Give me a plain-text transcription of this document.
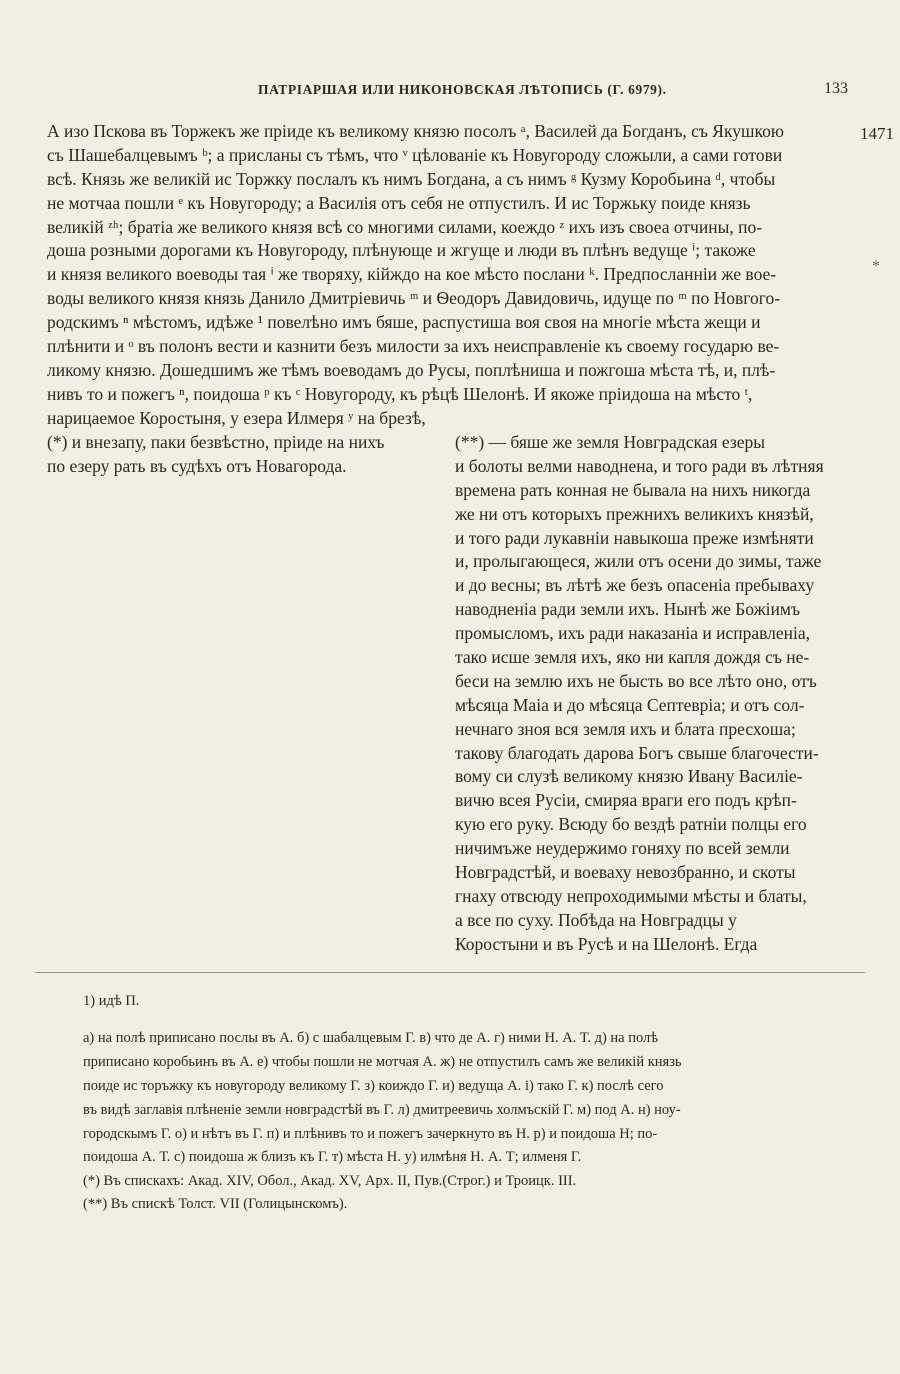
ПАТРІАРШАЯ ИЛИ НИКОНОВСКАЯ ЛѢТОПИСЬ (Г. 6979).	133
1471
*
А изо Пскова въ Торжекъ же пріиде къ великому князю посолъ ᵃ, Василей да Богданъ, съ Якушкою
съ Шашебалцевымъ ᵇ; а присланы съ тѣмъ, что ᵛ цѣлованіе къ Новугороду сложыли, а сами готови
всѣ. Князь же великій ис Торжку послалъ къ нимъ Богдана, а съ нимъ ᵍ Кузму Коробьина ᵈ, чтобы
не мотчаа пошли ᵉ къ Новугороду; а Василія отъ себя не отпустилъ. И ис Торжьку поиде князь
великій ᶻʰ; братіа же великого князя всѣ со многими силами, коеждо ᶻ ихъ изъ своеа отчины, по-
доша розными дорогами къ Новугороду, плѣнующе и жгуще и люди въ плѣнъ ведуще ⁱ; такоже
и князя великого воеводы тая ⁱ же творяху, кійждо на кое мѣсто послани ᵏ. Предпосланніи же вое-
воды великого князя князь Данило Дмитріевичь ᵐ и Ѳеодоръ Давидовичь, идуще по ᵐ по Новгого-
родскимъ ⁿ мѣстомъ, идѣже ¹ повелѣно имъ бяше, распустиша воя своя на многіе мѣста жещи и
плѣнити и ᵒ въ полонъ вести и казнити безъ милости за ихъ неисправленіе къ своему государю ве-
ликому князю. Дошедшимъ же тѣмъ воеводамъ до Русы, поплѣниша и пожгоша мѣста тѣ, и, плѣ-
нивъ то и пожегъ ⁿ, поидоша ᵖ къ ᶜ Новугороду, къ рѣцѣ Шелонѣ. И якоже пріидоша на мѣсто ᵗ,
нарицаемое Коростыня, у езера Илмеря ʸ на брезѣ,
(*) и внезапу, паки безвѣстно, пріиде на нихъ
по езеру рать въ судѣхъ отъ Новагорода.
(**) — бяше же земля Новградская езеры
и болоты велми наводнена, и того ради въ лѣтняя
времена рать конная не бывала на нихъ никогда
же ни отъ которыхъ прежнихъ великихъ князѣй,
и того ради лукавніи навыкоша преже измѣняти
и, пролыгающеся, жили отъ осени до зимы, таже
и до весны; въ лѣтѣ же безъ опасеніа пребываху
наводненіа ради земли ихъ. Нынѣ же Божіимъ
промысломъ, ихъ ради наказаніа и исправленіа,
тако исше земля ихъ, яко ни капля дождя съ не-
беси на землю ихъ не бысть во все лѣто оно, отъ
мѣсяца Маіа и до мѣсяца Септевріа; и отъ сол-
нечнаго зноя вся земля ихъ и блата пресхоша;
такову благодать дарова Богъ свыше благочести-
вому си слузѣ великому князю Ивану Василіе-
вичю всея Русіи, смиряа враги его подъ крѣп-
кую его руку. Всюду бо вездѣ ратніи полцы его
ничимъже неудержимо гоняху по всей земли
Новградстѣй, и воеваху невозбранно, и скоты
гнаху отвсюду непроходимыми мѣсты и блаты,
а все по суху. Побѣда на Новградцы у
Коростыни и въ Русѣ и на Шелонѣ. Егда
1) идѣ П.
а) на полѣ приписано послы въ А. б) с шабалцевым Г. в) что де А. г) ними Н. А. Т. д) на полѣ
приписано коробьинъ въ А. е) чтобы пошли не мотчая А. ж) не отпустилъ самъ же великій князь
поиде ис торъжку къ новугороду великому Г. з) коиждо Г. и) ведуща А. і) тако Г. к) послѣ сего
въ видѣ заглавія плѣненіе земли новградстѣй въ Г. л) дмитреевичь холмъскій Г. м) под А. н) ноу-
городскымъ Г. о) и нѣтъ въ Г. п) и плѣнивъ то и пожегъ зачеркнуто въ Н. р) и поидоша Н; по-
поидоша А. Т. с) поидоша ж близъ къ Г. т) мѣста Н. у) илмѣня Н. А. Т; илменя Г.
(*) Въ спискахъ: Акад. XIV, Обол., Акад. XV, Арх. II, Пув.(Строг.) и Троицк. III.
(**) Въ спискѣ Толст. VII (Голицынскомъ).
